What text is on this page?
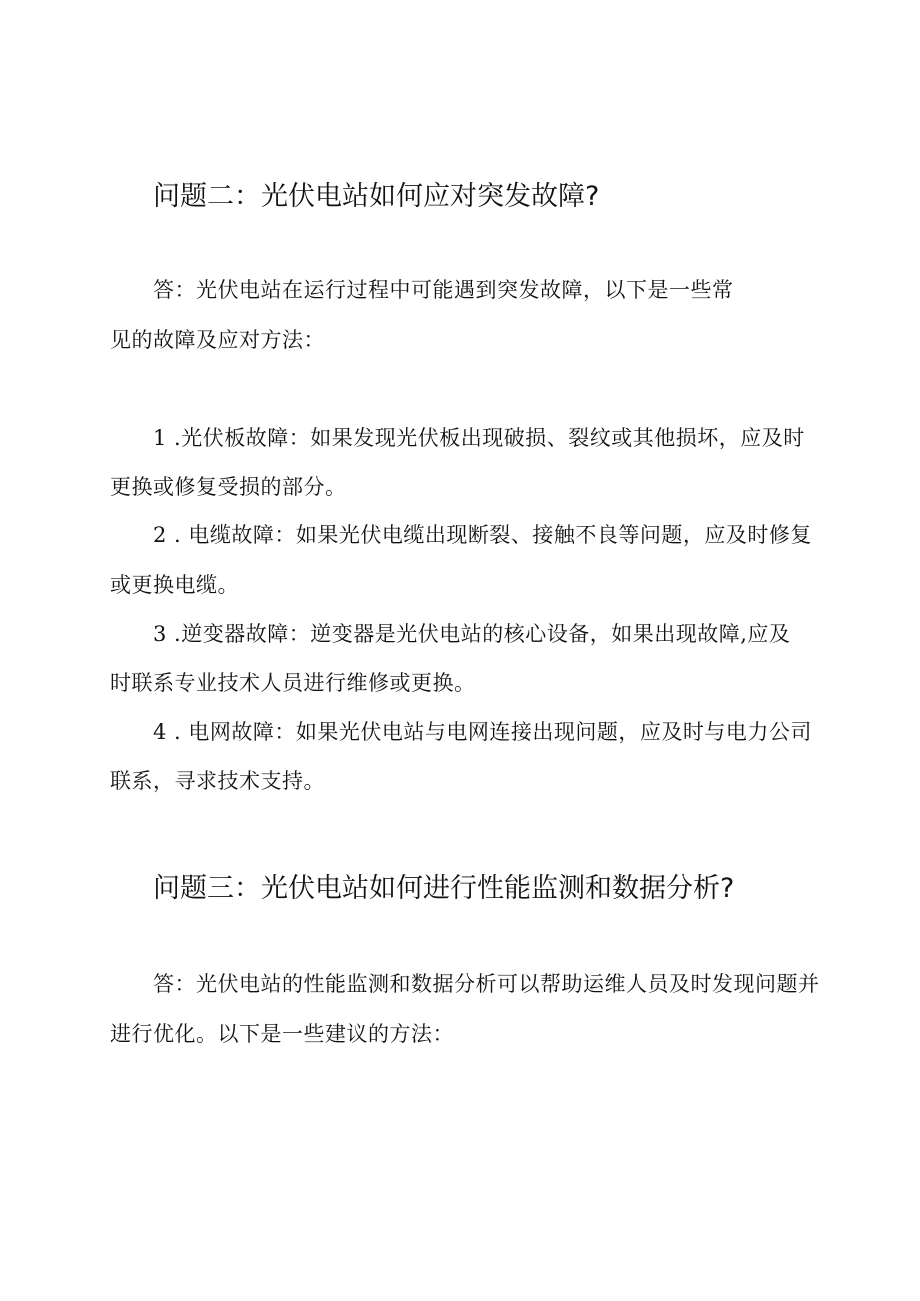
问题二：光伏电站如何应对突发故障?
答：光伏电站在运行过程中可能遇到突发故障，以下是一些常
见的故障及应对方法：
1 .光伏板故障：如果发现光伏板出现破损、裂纹或其他损坏，应及时
更换或修复受损的部分。
2 . 电缆故障：如果光伏电缆出现断裂、接触不良等问题，应及时修复
或更换电缆。
3 .逆变器故障：逆变器是光伏电站的核心设备，如果出现故障,应及
时联系专业技术人员进行维修或更换。
4 . 电网故障：如果光伏电站与电网连接出现问题，应及时与电力公司
联系，寻求技术支持。
问题三：光伏电站如何进行性能监测和数据分析?
答：光伏电站的性能监测和数据分析可以帮助运维人员及时发现问题并
进行优化。以下是一些建议的方法：
